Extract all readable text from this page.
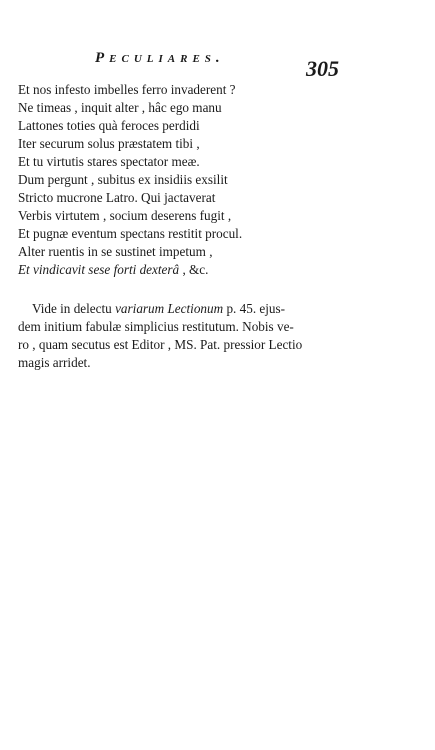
Peculiares.	305
Et nos infesto imbelles ferro invaderent ?
Ne timeas , inquit alter , hâc ego manu
Lattones toties quà feroces perdidi
Iter securum solus præstatem tibi ,
Et tu virtutis stares spectator meæ.
Dum pergunt , subitus ex insidiis exsilit
Stricto mucrone Latro. Qui jactaverat
Verbis virtutem , socium deserens fugit ,
Et pugnæ eventum spectans restitit procul.
Alter ruentis in se sustinet impetum ,
Et vindicavit sese forti dexterâ , &c.
Vide in delectu variarum Lectionum p. 45. ejus-
dem initium fabulæ simplicius restitutum. Nobis ve-
ro , quam secutus est Editor , MS. Pat. pressior Lectio
magis arridet.
